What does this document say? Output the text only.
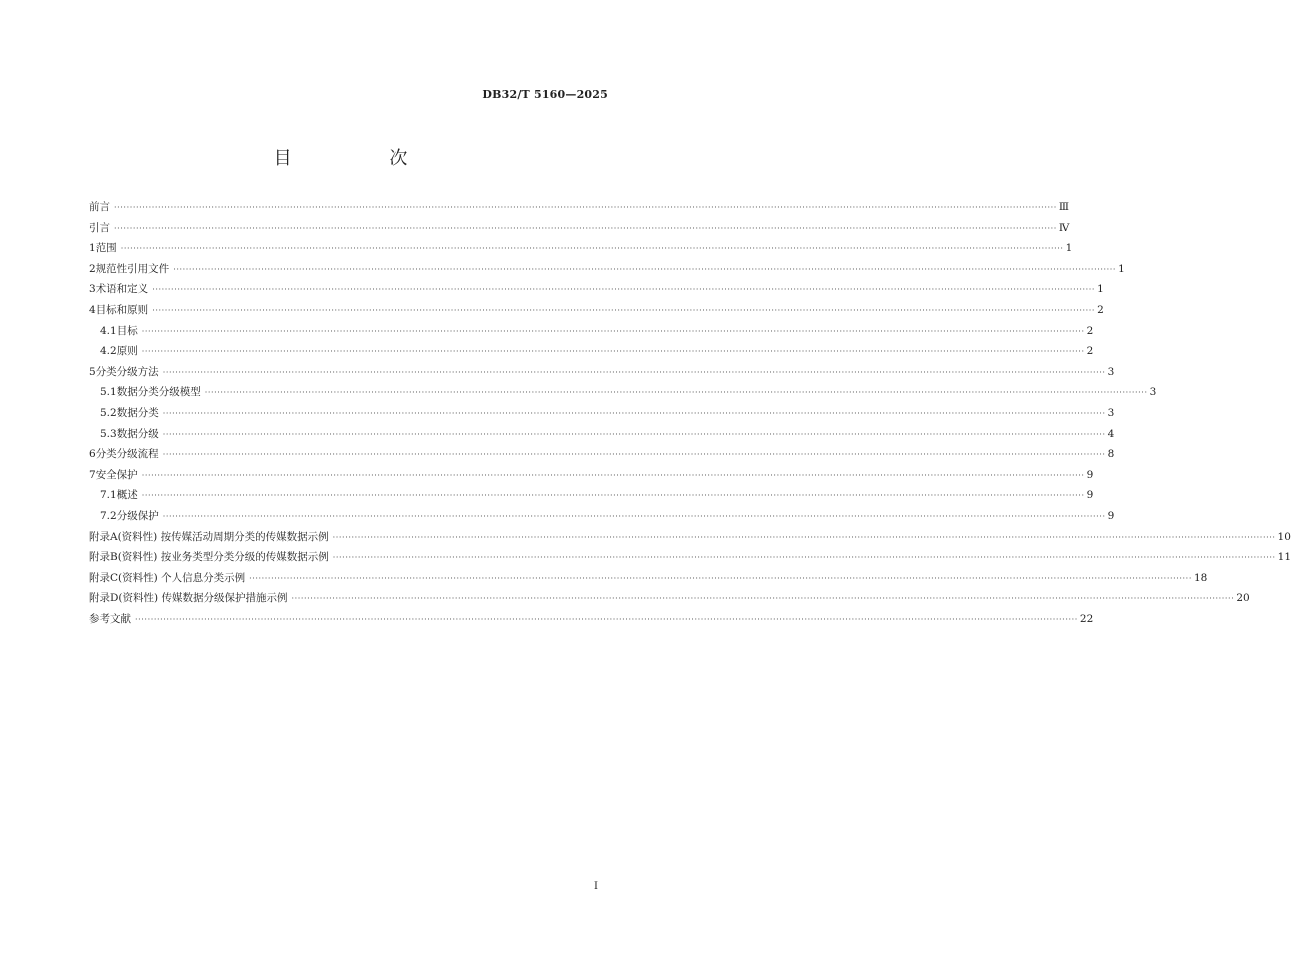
DB32/T 5160—2025
目 次
前言 ············································································································································································································································································································ Ⅲ
引言 ············································································································································································································································································································ Ⅳ
1 范围 ············································································································································································································································································································ 1
2 规范性引用文件 ············································································································································································································································································································ 1
3 术语和定义 ············································································································································································································································································································ 1
4 目标和原则 ············································································································································································································································································································ 2
4.1 目标 ············································································································································································································································································································ 2
4.2 原则 ············································································································································································································································································································ 2
5 分类分级方法 ············································································································································································································································································································ 3
5.1 数据分类分级模型 ············································································································································································································································································································ 3
5.2 数据分类 ············································································································································································································································································································ 3
5.3 数据分级 ············································································································································································································································································································ 4
6 分类分级流程 ············································································································································································································································································································ 8
7 安全保护 ············································································································································································································································································································ 9
7.1 概述 ············································································································································································································································································································ 9
7.2 分级保护 ············································································································································································································································································································ 9
附录A(资料性) 按传媒活动周期分类的传媒数据示例 ············································································································································································································································································································ 10
附录B(资料性) 按业务类型分类分级的传媒数据示例 ············································································································································································································································································································ 11
附录C(资料性) 个人信息分类示例 ············································································································································································································································································································ 18
附录D(资料性) 传媒数据分级保护措施示例 ············································································································································································································································································································ 20
参考文献 ············································································································································································································································································································ 22
I
